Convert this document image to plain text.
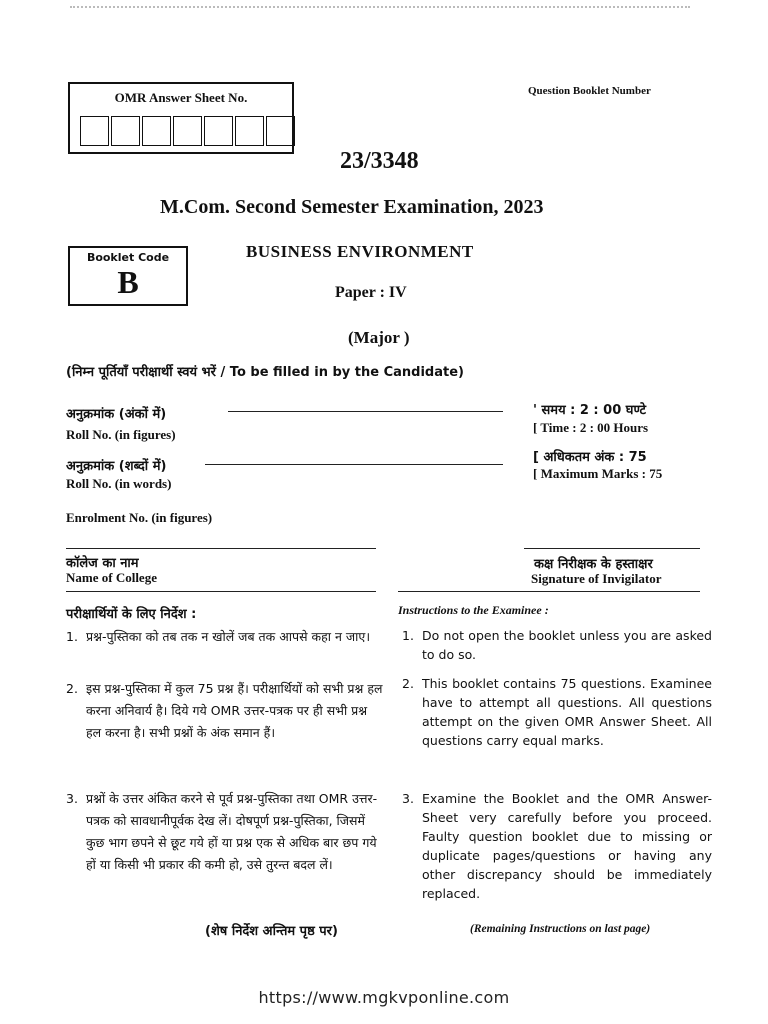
OMR Answer Sheet No.	Question Booklet Number
23/3348
M.Com. Second Semester Examination, 2023
Booklet Code
B
BUSINESS ENVIRONMENT
Paper : IV
(Major )
(निम्न पूर्तियाँ परीक्षार्थी स्वयं भरें / To be filled in by the Candidate)
अनुक्रमांक (अंकों में)
Roll No. (in figures)
अनुक्रमांक (शब्दों में)
Roll No. (in words)
Enrolment No. (in figures)
कॉलेज का नाम
Name of College
' समय : 2 : 00 घण्टे
[ Time : 2 : 00 Hours
[ अधिकतम अंक : 75
[ Maximum Marks : 75
कक्ष निरीक्षक के हस्ताक्षर
Signature of Invigilator
परीक्षार्थियों के लिए निर्देश :
1. प्रश्न-पुस्तिका को तब तक न खोलें जब तक आपसे कहा न जाए।
2. इस प्रश्न-पुस्तिका में कुल 75 प्रश्न हैं। परीक्षार्थियों को सभी प्रश्न हल करना अनिवार्य है। दिये गये OMR उत्तर-पत्रक पर ही सभी प्रश्न हल करना है। सभी प्रश्नों के अंक समान हैं।
3. प्रश्नों के उत्तर अंकित करने से पूर्व प्रश्न-पुस्तिका तथा OMR उत्तर-पत्रक को सावधानीपूर्वक देख लें। दोषपूर्ण प्रश्न-पुस्तिका, जिसमें कुछ भाग छपने से छूट गये हों या प्रश्न एक से अधिक बार छप गये हों या किसी भी प्रकार की कमी हो, उसे तुरन्त बदल लें।
(शेष निर्देश अन्तिम पृष्ठ पर)
Instructions to the Examinee :
1. Do not open the booklet unless you are asked to do so.
2. This booklet contains 75 questions. Examinee have to attempt all questions. All questions attempt on the given OMR Answer Sheet. All questions carry equal marks.
3. Examine the Booklet and the OMR Answer-Sheet very carefully before you proceed. Faulty question booklet due to missing or duplicate pages/questions or having any other discrepancy should be immediately replaced.
(Remaining Instructions on last page)
https://www.mgkvponline.com
